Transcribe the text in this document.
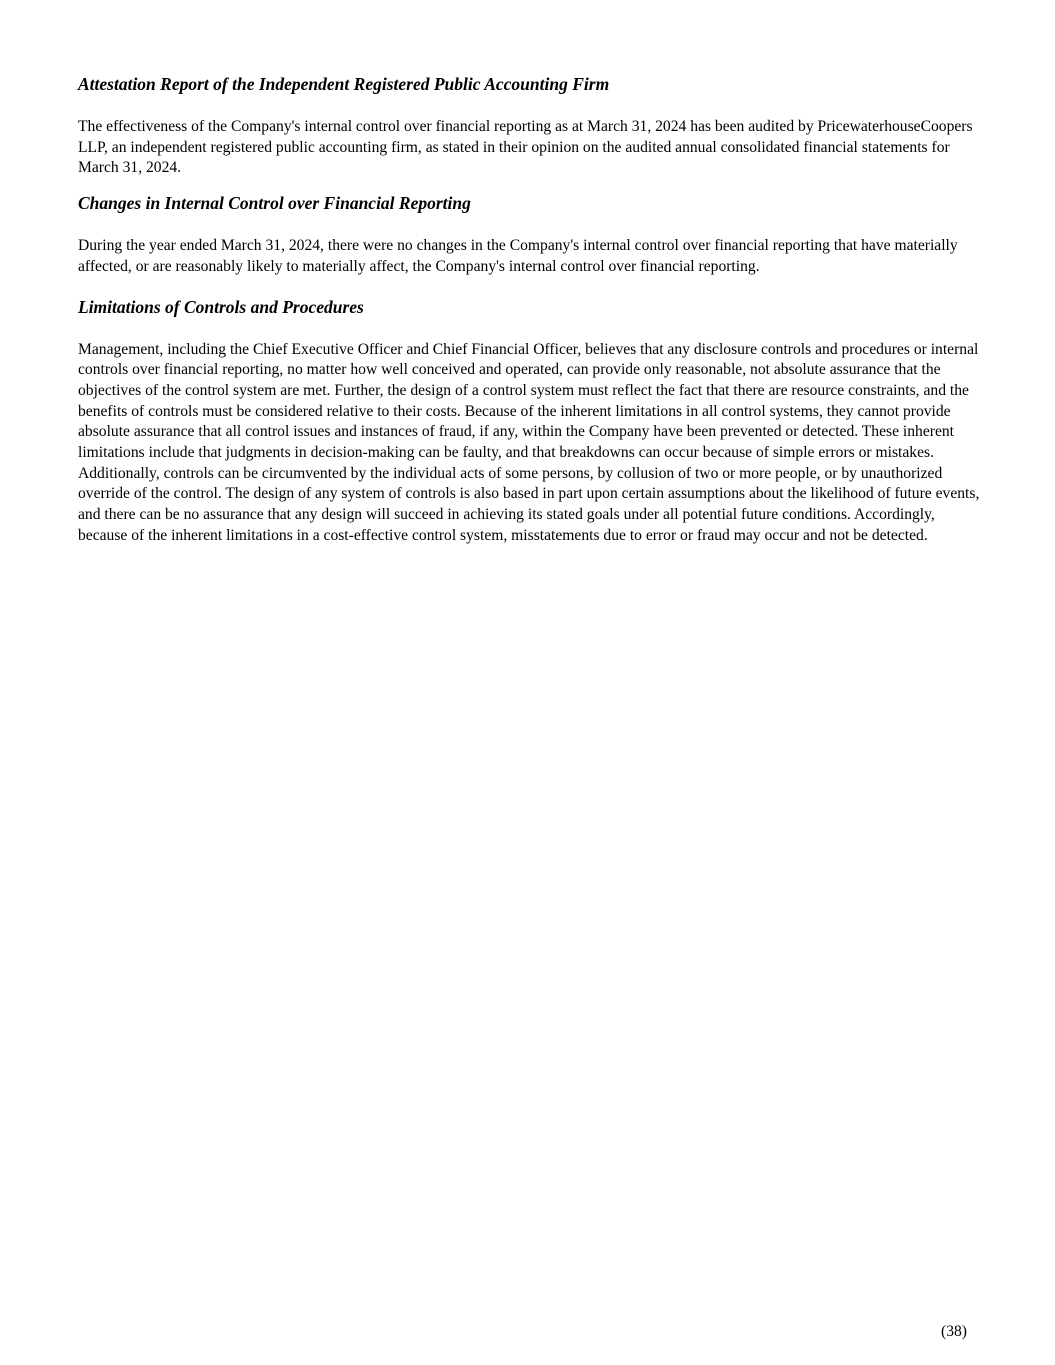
Attestation Report of the Independent Registered Public Accounting Firm

The effectiveness of the Company's internal control over financial reporting as at March 31, 2024 has been audited by PricewaterhouseCoopers LLP, an independent registered public accounting firm, as stated in their opinion on the audited annual consolidated financial statements for March 31, 2024.

Changes in Internal Control over Financial Reporting

During the year ended March 31, 2024, there were no changes in the Company's internal control over financial reporting that have materially affected, or are reasonably likely to materially affect, the Company's internal control over financial reporting.

Limitations of Controls and Procedures

Management, including the Chief Executive Officer and Chief Financial Officer, believes that any disclosure controls and procedures or internal controls over financial reporting, no matter how well conceived and operated, can provide only reasonable, not absolute assurance that the objectives of the control system are met. Further, the design of a control system must reflect the fact that there are resource constraints, and the benefits of controls must be considered relative to their costs. Because of the inherent limitations in all control systems, they cannot provide absolute assurance that all control issues and instances of fraud, if any, within the Company have been prevented or detected. These inherent limitations include that judgments in decision-making can be faulty, and that breakdowns can occur because of simple errors or mistakes. Additionally, controls can be circumvented by the individual acts of some persons, by collusion of two or more people, or by unauthorized override of the control. The design of any system of controls is also based in part upon certain assumptions about the likelihood of future events, and there can be no assurance that any design will succeed in achieving its stated goals under all potential future conditions. Accordingly, because of the inherent limitations in a cost-effective control system, misstatements due to error or fraud may occur and not be detected.

(38)
